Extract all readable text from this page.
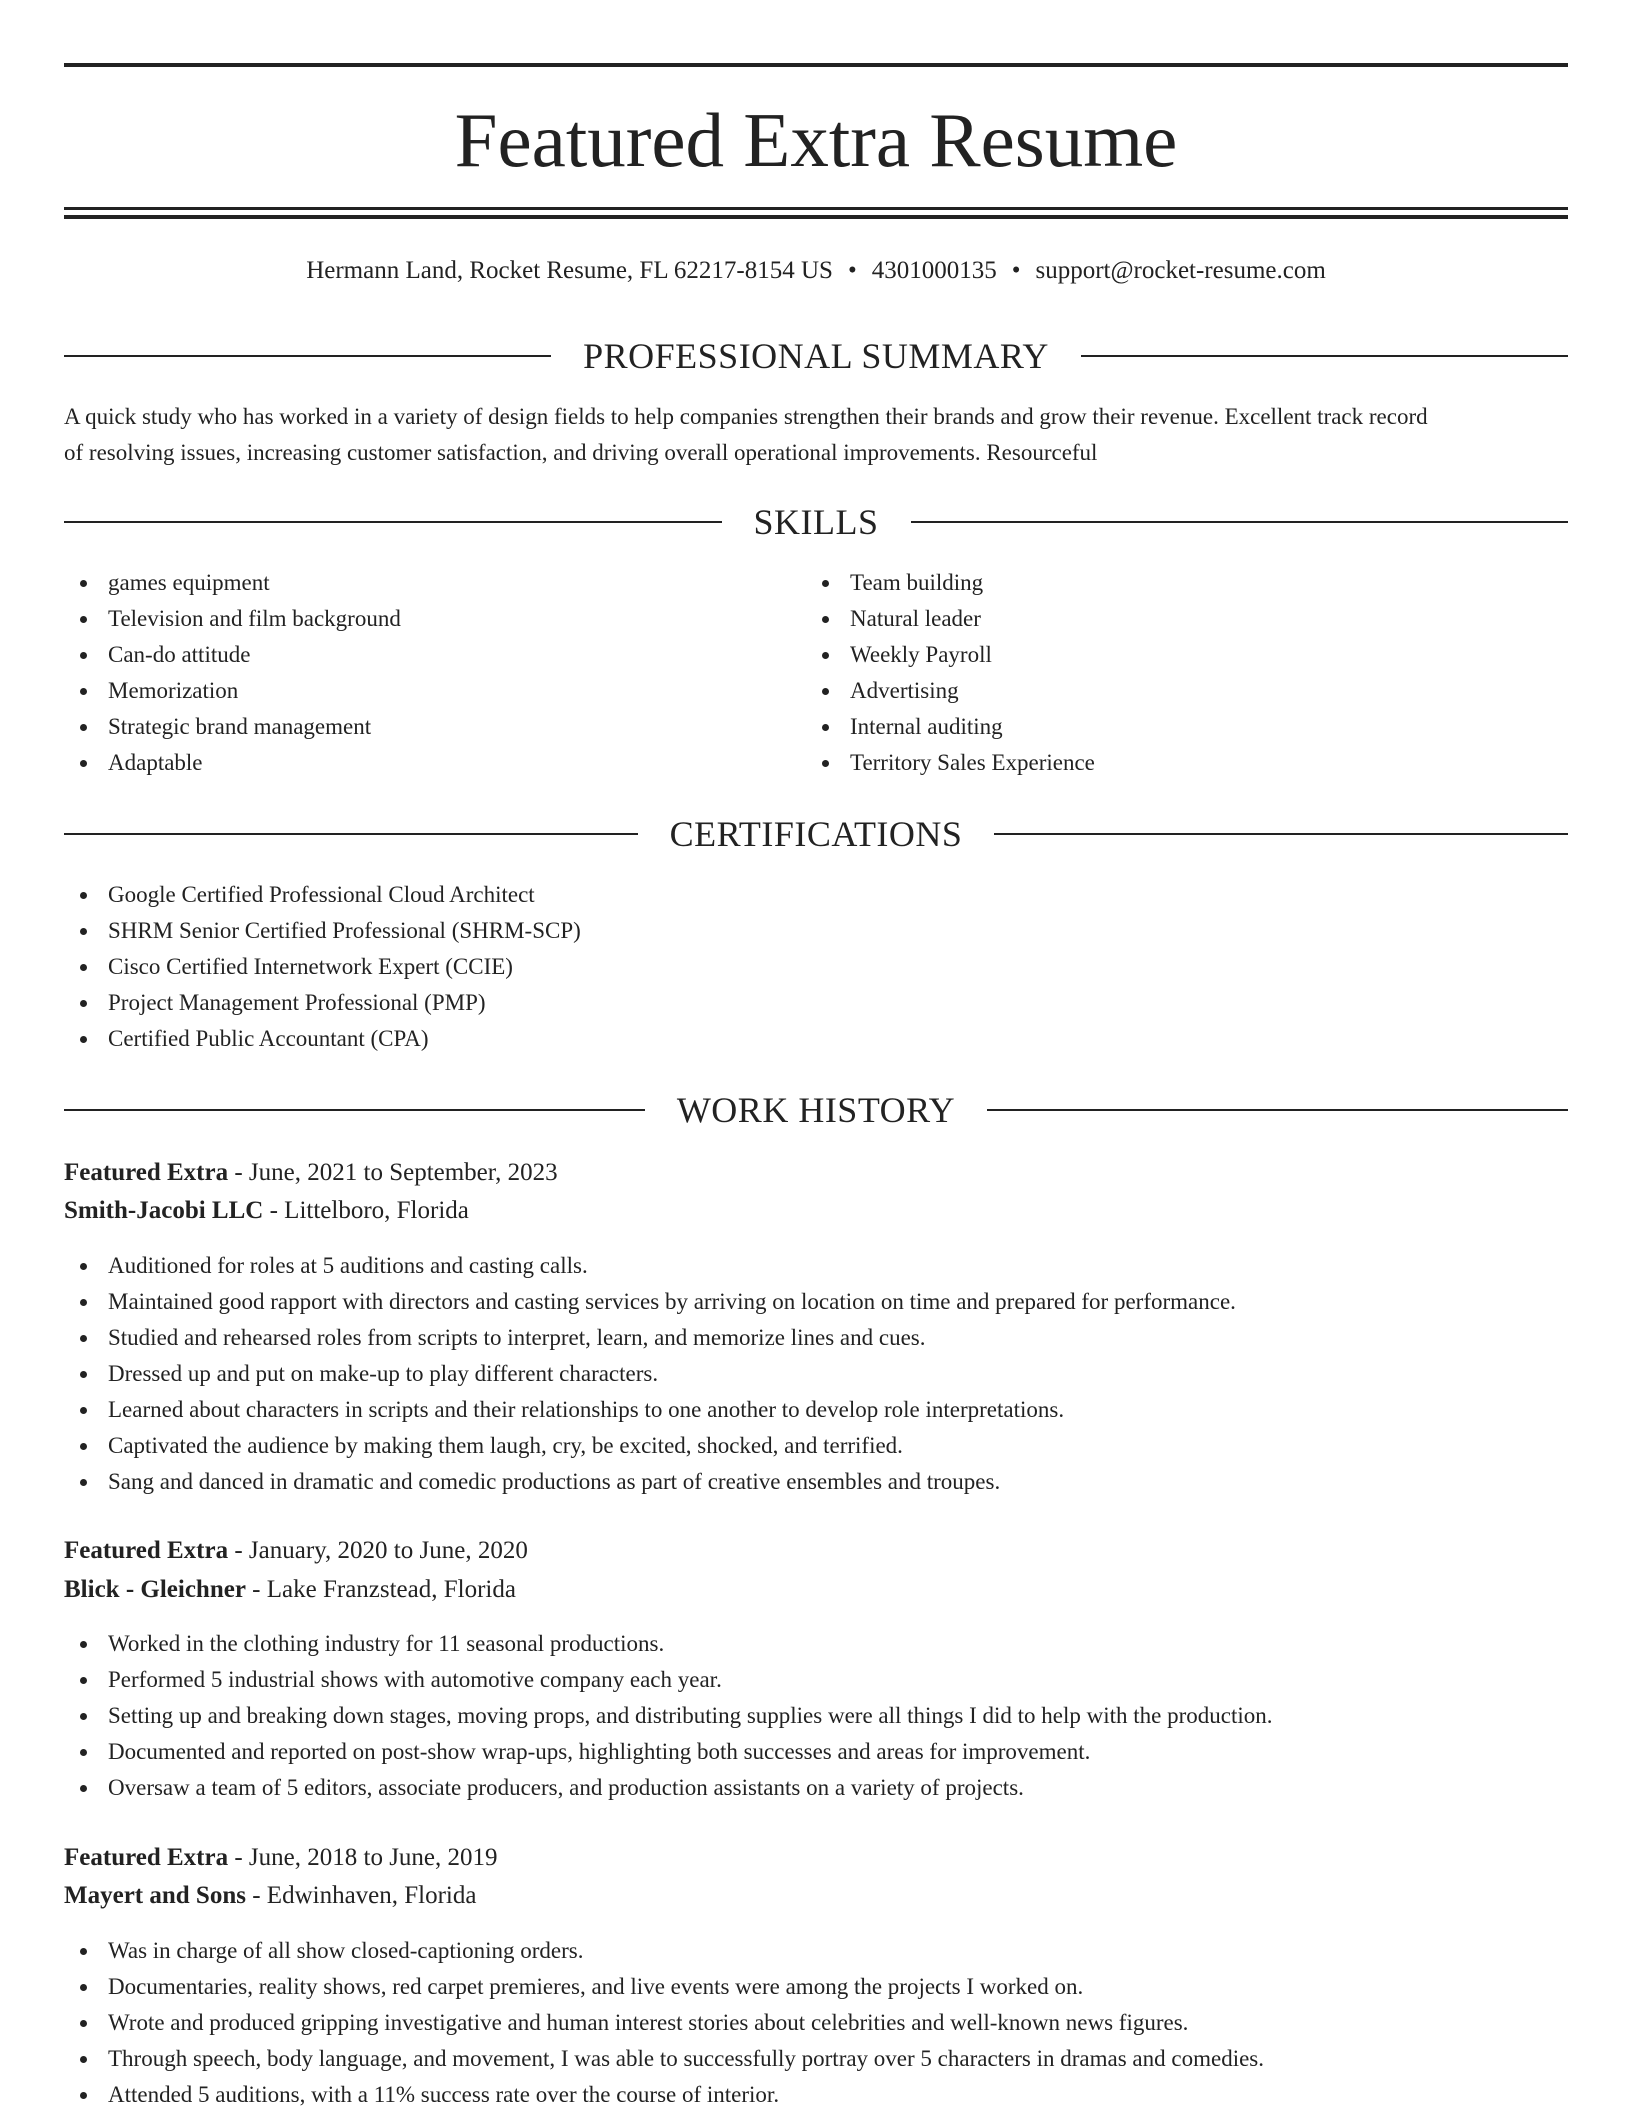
Featured Extra Resume
Hermann Land, Rocket Resume, FL 62217-8154 US • 4301000135 • support@rocket-resume.com
PROFESSIONAL SUMMARY
A quick study who has worked in a variety of design fields to help companies strengthen their brands and grow their revenue. Excellent track record
of resolving issues, increasing customer satisfaction, and driving overall operational improvements. Resourceful
SKILLS
games equipment
Television and film background
Can-do attitude
Memorization
Strategic brand management
Adaptable
Team building
Natural leader
Weekly Payroll
Advertising
Internal auditing
Territory Sales Experience
CERTIFICATIONS
Google Certified Professional Cloud Architect
SHRM Senior Certified Professional (SHRM-SCP)
Cisco Certified Internetwork Expert (CCIE)
Project Management Professional (PMP)
Certified Public Accountant (CPA)
WORK HISTORY
Featured Extra - June, 2021 to September, 2023
Smith-Jacobi LLC - Littelboro, Florida
Auditioned for roles at 5 auditions and casting calls.
Maintained good rapport with directors and casting services by arriving on location on time and prepared for performance.
Studied and rehearsed roles from scripts to interpret, learn, and memorize lines and cues.
Dressed up and put on make-up to play different characters.
Learned about characters in scripts and their relationships to one another to develop role interpretations.
Captivated the audience by making them laugh, cry, be excited, shocked, and terrified.
Sang and danced in dramatic and comedic productions as part of creative ensembles and troupes.
Featured Extra - January, 2020 to June, 2020
Blick - Gleichner - Lake Franzstead, Florida
Worked in the clothing industry for 11 seasonal productions.
Performed 5 industrial shows with automotive company each year.
Setting up and breaking down stages, moving props, and distributing supplies were all things I did to help with the production.
Documented and reported on post-show wrap-ups, highlighting both successes and areas for improvement.
Oversaw a team of 5 editors, associate producers, and production assistants on a variety of projects.
Featured Extra - June, 2018 to June, 2019
Mayert and Sons - Edwinhaven, Florida
Was in charge of all show closed-captioning orders.
Documentaries, reality shows, red carpet premieres, and live events were among the projects I worked on.
Wrote and produced gripping investigative and human interest stories about celebrities and well-known news figures.
Through speech, body language, and movement, I was able to successfully portray over 5 characters in dramas and comedies.
Attended 5 auditions, with a 11% success rate over the course of interior.
